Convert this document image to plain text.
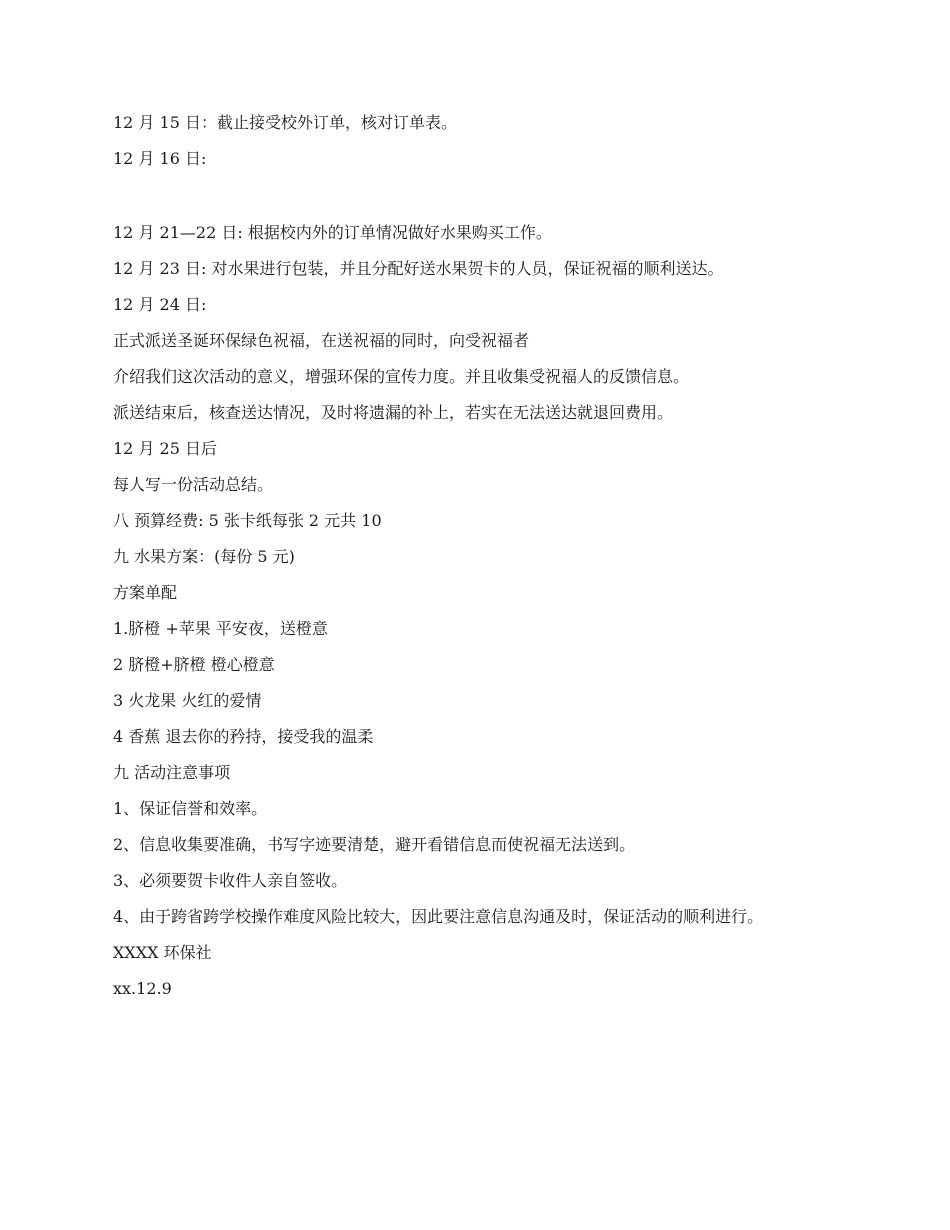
12 月 15 日：截止接受校外订单，核对订单表。

12 月 16 日:

12 月 21—22 日: 根据校内外的订单情况做好水果购买工作。

12 月 23 日: 对水果进行包装，并且分配好送水果贺卡的人员，保证祝福的顺利送达。

12 月 24 日:

正式派送圣诞环保绿色祝福，在送祝福的同时，向受祝福者

介绍我们这次活动的意义，增强环保的宣传力度。并且收集受祝福人的反馈信息。

派送结束后，核查送达情况，及时将遗漏的补上，若实在无法送达就退回费用。

12 月 25 日后

每人写一份活动总结。

八 预算经费: 5 张卡纸每张 2 元共 10

九 水果方案：(每份 5 元)

方案单配

1.脐橙 +苹果 平安夜，送橙意

2 脐橙+脐橙 橙心橙意

3 火龙果 火红的爱情

4 香蕉 退去你的矜持，接受我的温柔

九 活动注意事项

1、保证信誉和效率。

2、信息收集要准确，书写字迹要清楚，避开看错信息而使祝福无法送到。

3、必须要贺卡收件人亲自签收。

4、由于跨省跨学校操作难度风险比较大，因此要注意信息沟通及时，保证活动的顺利进行。

XXXX 环保社

xx.12.9
